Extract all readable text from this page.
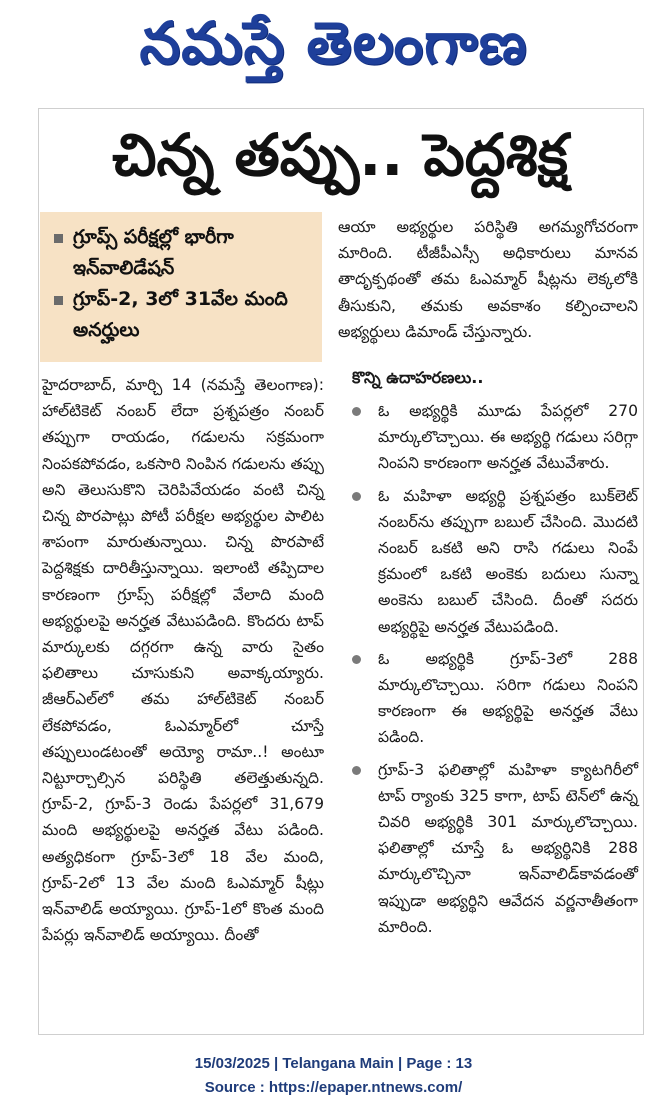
నమస్తే తెలంగాణ
చిన్న తప్పు.. పెద్దశిక్ష
గ్రూప్స్ పరీక్షల్లో భారీగా ఇన్‌వాలిడేషన్
గ్రూప్-2, 3లో 31వేల మంది అనర్హులు
హైదరాబాద్, మార్చి 14 (నమస్తే తెలంగాణ): హాల్‌టికెట్ నంబర్ లేదా ప్రశ్నపత్రం నంబర్ తప్పుగా రాయడం, గడులను సక్రమంగా నింపకపోవడం, ఒకసారి నింపిన గడులను తప్పు అని తెలుసుకొని చెరిపివేయడం వంటి చిన్న చిన్న పొరపాట్లు పోటీ పరీక్షల అభ్యర్థుల పాలిట శాపంగా మారుతున్నాయి. చిన్న పొరపాటే పెద్దశిక్షకు దారితీస్తున్నాయి. ఇలాంటి తప్పిదాల కారణంగా గ్రూప్స్ పరీక్షల్లో వేలాది మంది అభ్యర్థులపై అనర్హత వేటుపడింది. కొందరు టాప్ మార్కులకు దగ్గరగా ఉన్న వారు సైతం ఫలితాలు చూసుకుని అవాక్కయ్యారు. జీఆర్‌ఎల్‌లో తమ హాల్‌టికెట్ నంబర్ లేకపోవడం, ఓఎమ్మార్‌లో చూస్తే తప్పులుండటంతో అయ్యో రామా..! అంటూ నిట్టూర్చాల్సిన పరిస్థితి తలెత్తుతున్నది. గ్రూప్-2, గ్రూప్-3 రెండు పేపర్లలో 31,679 మంది అభ్యర్థులపై అనర్హత వేటు పడింది. అత్యధికంగా గ్రూప్-3లో 18 వేల మంది, గ్రూప్-2లో 13 వేల మంది ఓఎమ్మార్ షీట్లు ఇన్‌వాలిడ్ అయ్యాయి. గ్రూప్-1లో కొంత మంది పేపర్లు ఇన్‌వాలిడ్ అయ్యాయి. దీంతో

ఆయా అభ్యర్థుల పరిస్థితి అగమ్యగోచరంగా మారింది. టీజీపీఎస్సీ అధికారులు మానవ తాదృక్పథంతో తమ ఓఎమ్మార్ షీట్లను లెక్కలోకి తీసుకుని, తమకు అవకాశం కల్పించాలని అభ్యర్థులు డిమాండ్ చేస్తున్నారు.

కొన్ని ఉదాహరణలు..
ఓ అభ్యర్థికి మూడు పేపర్లలో 270 మార్కులొచ్చాయి. ఈ అభ్యర్థి గడులు సరిగ్గా నింపని కారణంగా అనర్హత వేటువేశారు.
ఓ మహిళా అభ్యర్థి ప్రశ్నపత్రం బుక్‌లెట్ నంబర్‌ను తప్పుగా బబుల్ చేసింది. మొదటి నంబర్ ఒకటి అని రాసి గడులు నింపే క్రమంలో ఒకటి అంకెకు బదులు సున్నా అంకెను బబుల్ చేసింది. దీంతో సదరు అభ్యర్థిపై అనర్హత వేటుపడింది.
ఓ అభ్యర్థికి గ్రూప్-3లో 288 మార్కులొచ్చాయి. సరిగా గడులు నింపని కారణంగా ఈ అభ్యర్థిపై అనర్హత వేటు పడింది.
గ్రూప్-3 ఫలితాల్లో మహిళా క్యాటగిరీలో టాప్ ర్యాంకు 325 కాగా, టాప్ టెన్‌లో ఉన్న చివరి అభ్యర్థికి 301 మార్కులొచ్చాయి. ఫలితాల్లో చూస్తే ఓ అభ్యర్థినికి 288 మార్కులొచ్చినా ఇన్‌వాలిడ్‌కావడంతో ఇప్పుడా అభ్యర్థిని ఆవేదన వర్ణనాతీతంగా మారింది.
15/03/2025 | Telangana Main | Page : 13
Source : https://epaper.ntnews.com/
